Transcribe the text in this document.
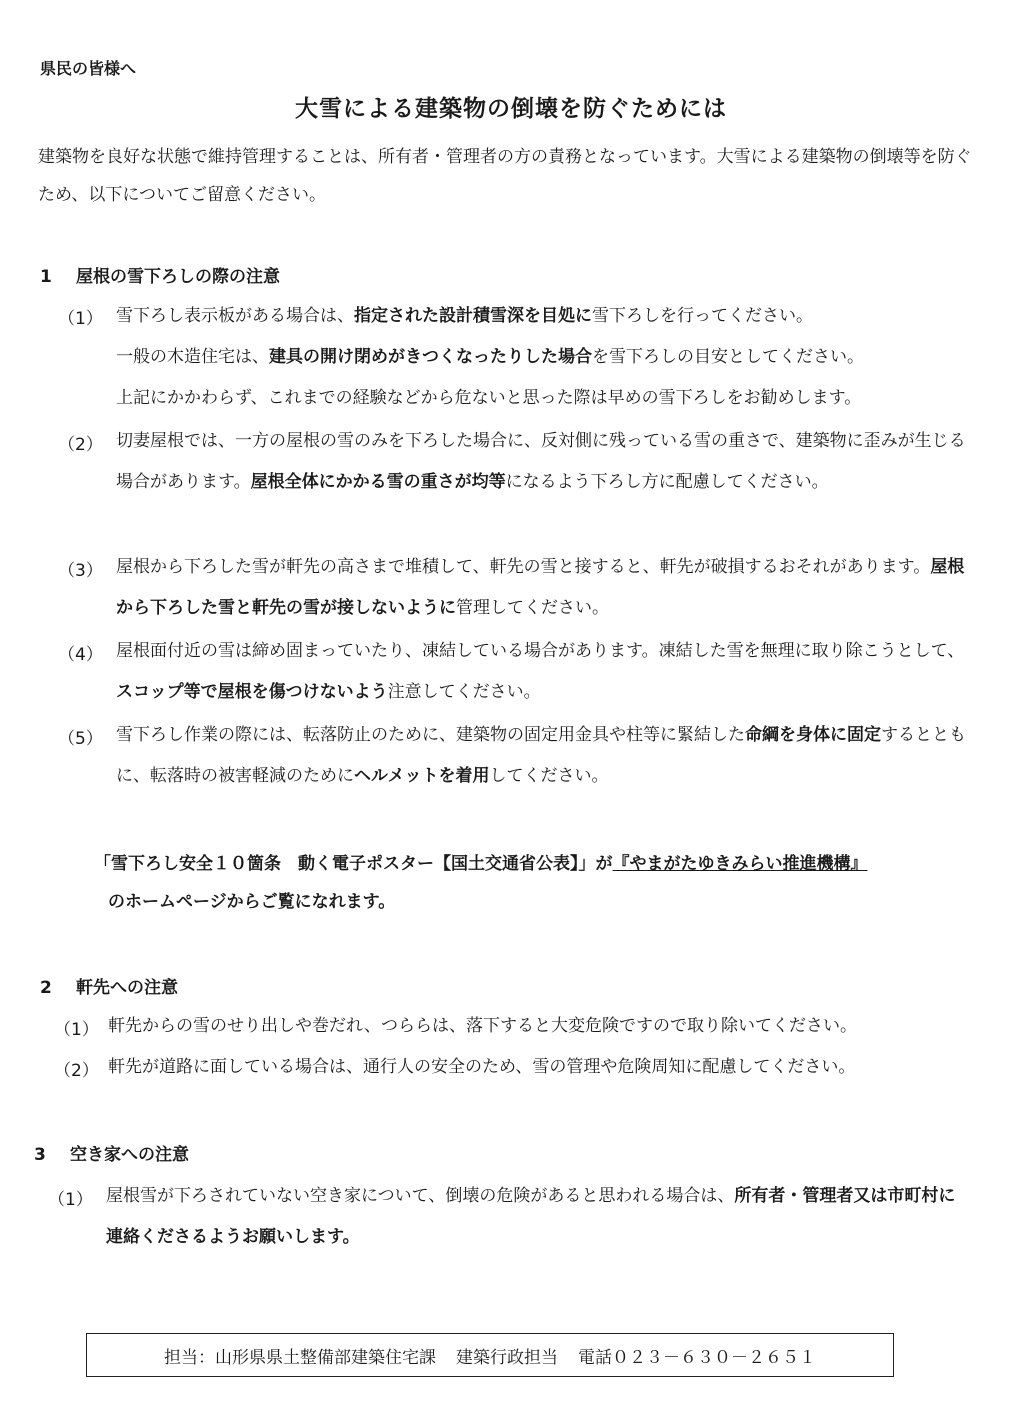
県民の皆様へ
大雪による建築物の倒壊を防ぐためには
建築物を良好な状態で維持管理することは、所有者・管理者の方の責務となっています。大雪による建築物の倒壊等を防ぐため、以下についてご留意ください。
1 屋根の雪下ろしの際の注意
（1） 雪下ろし表示板がある場合は、指定された設計積雪深を目処に雪下ろしを行ってください。
一般の木造住宅は、建具の開け閉めがきつくなったりした場合を雪下ろしの目安としてください。
上記にかかわらず、これまでの経験などから危ないと思った際は早めの雪下ろしをお勧めします。
（2） 切妻屋根では、一方の屋根の雪のみを下ろした場合に、反対側に残っている雪の重さで、建築物に歪みが生じる場合があります。屋根全体にかかる雪の重さが均等になるよう下ろし方に配慮してください。
（3） 屋根から下ろした雪が軒先の高さまで堆積して、軒先の雪と接すると、軒先が破損するおそれがあります。屋根から下ろした雪と軒先の雪が接しないように管理してください。
（4） 屋根面付近の雪は締め固まっていたり、凍結している場合があります。凍結した雪を無理に取り除こうとして、スコップ等で屋根を傷つけないよう注意してください。
（5） 雪下ろし作業の際には、転落防止のために、建築物の固定用金具や柱等に緊結した命綱を身体に固定するとともに、転落時の被害軽減のためにヘルメットを着用してください。
「雪下ろし安全１０箇条　動く電子ポスター【国土交通省公表】」が『やまがたゆきみらい推進機構』
のホームページからご覧になれます。
2 軒先への注意
（1） 軒先からの雪のせり出しや巻だれ、つららは、落下すると大変危険ですので取り除いてください。
（2） 軒先が道路に面している場合は、通行人の安全のため、雪の管理や危険周知に配慮してください。
3 空き家への注意
（1） 屋根雪が下ろされていない空き家について、倒壊の危険があると思われる場合は、所有者・管理者又は市町村に連絡くださるようお願いします。
担当：山形県県土整備部建築住宅課 建築行政担当 電話０２３－６３０－２６５１
